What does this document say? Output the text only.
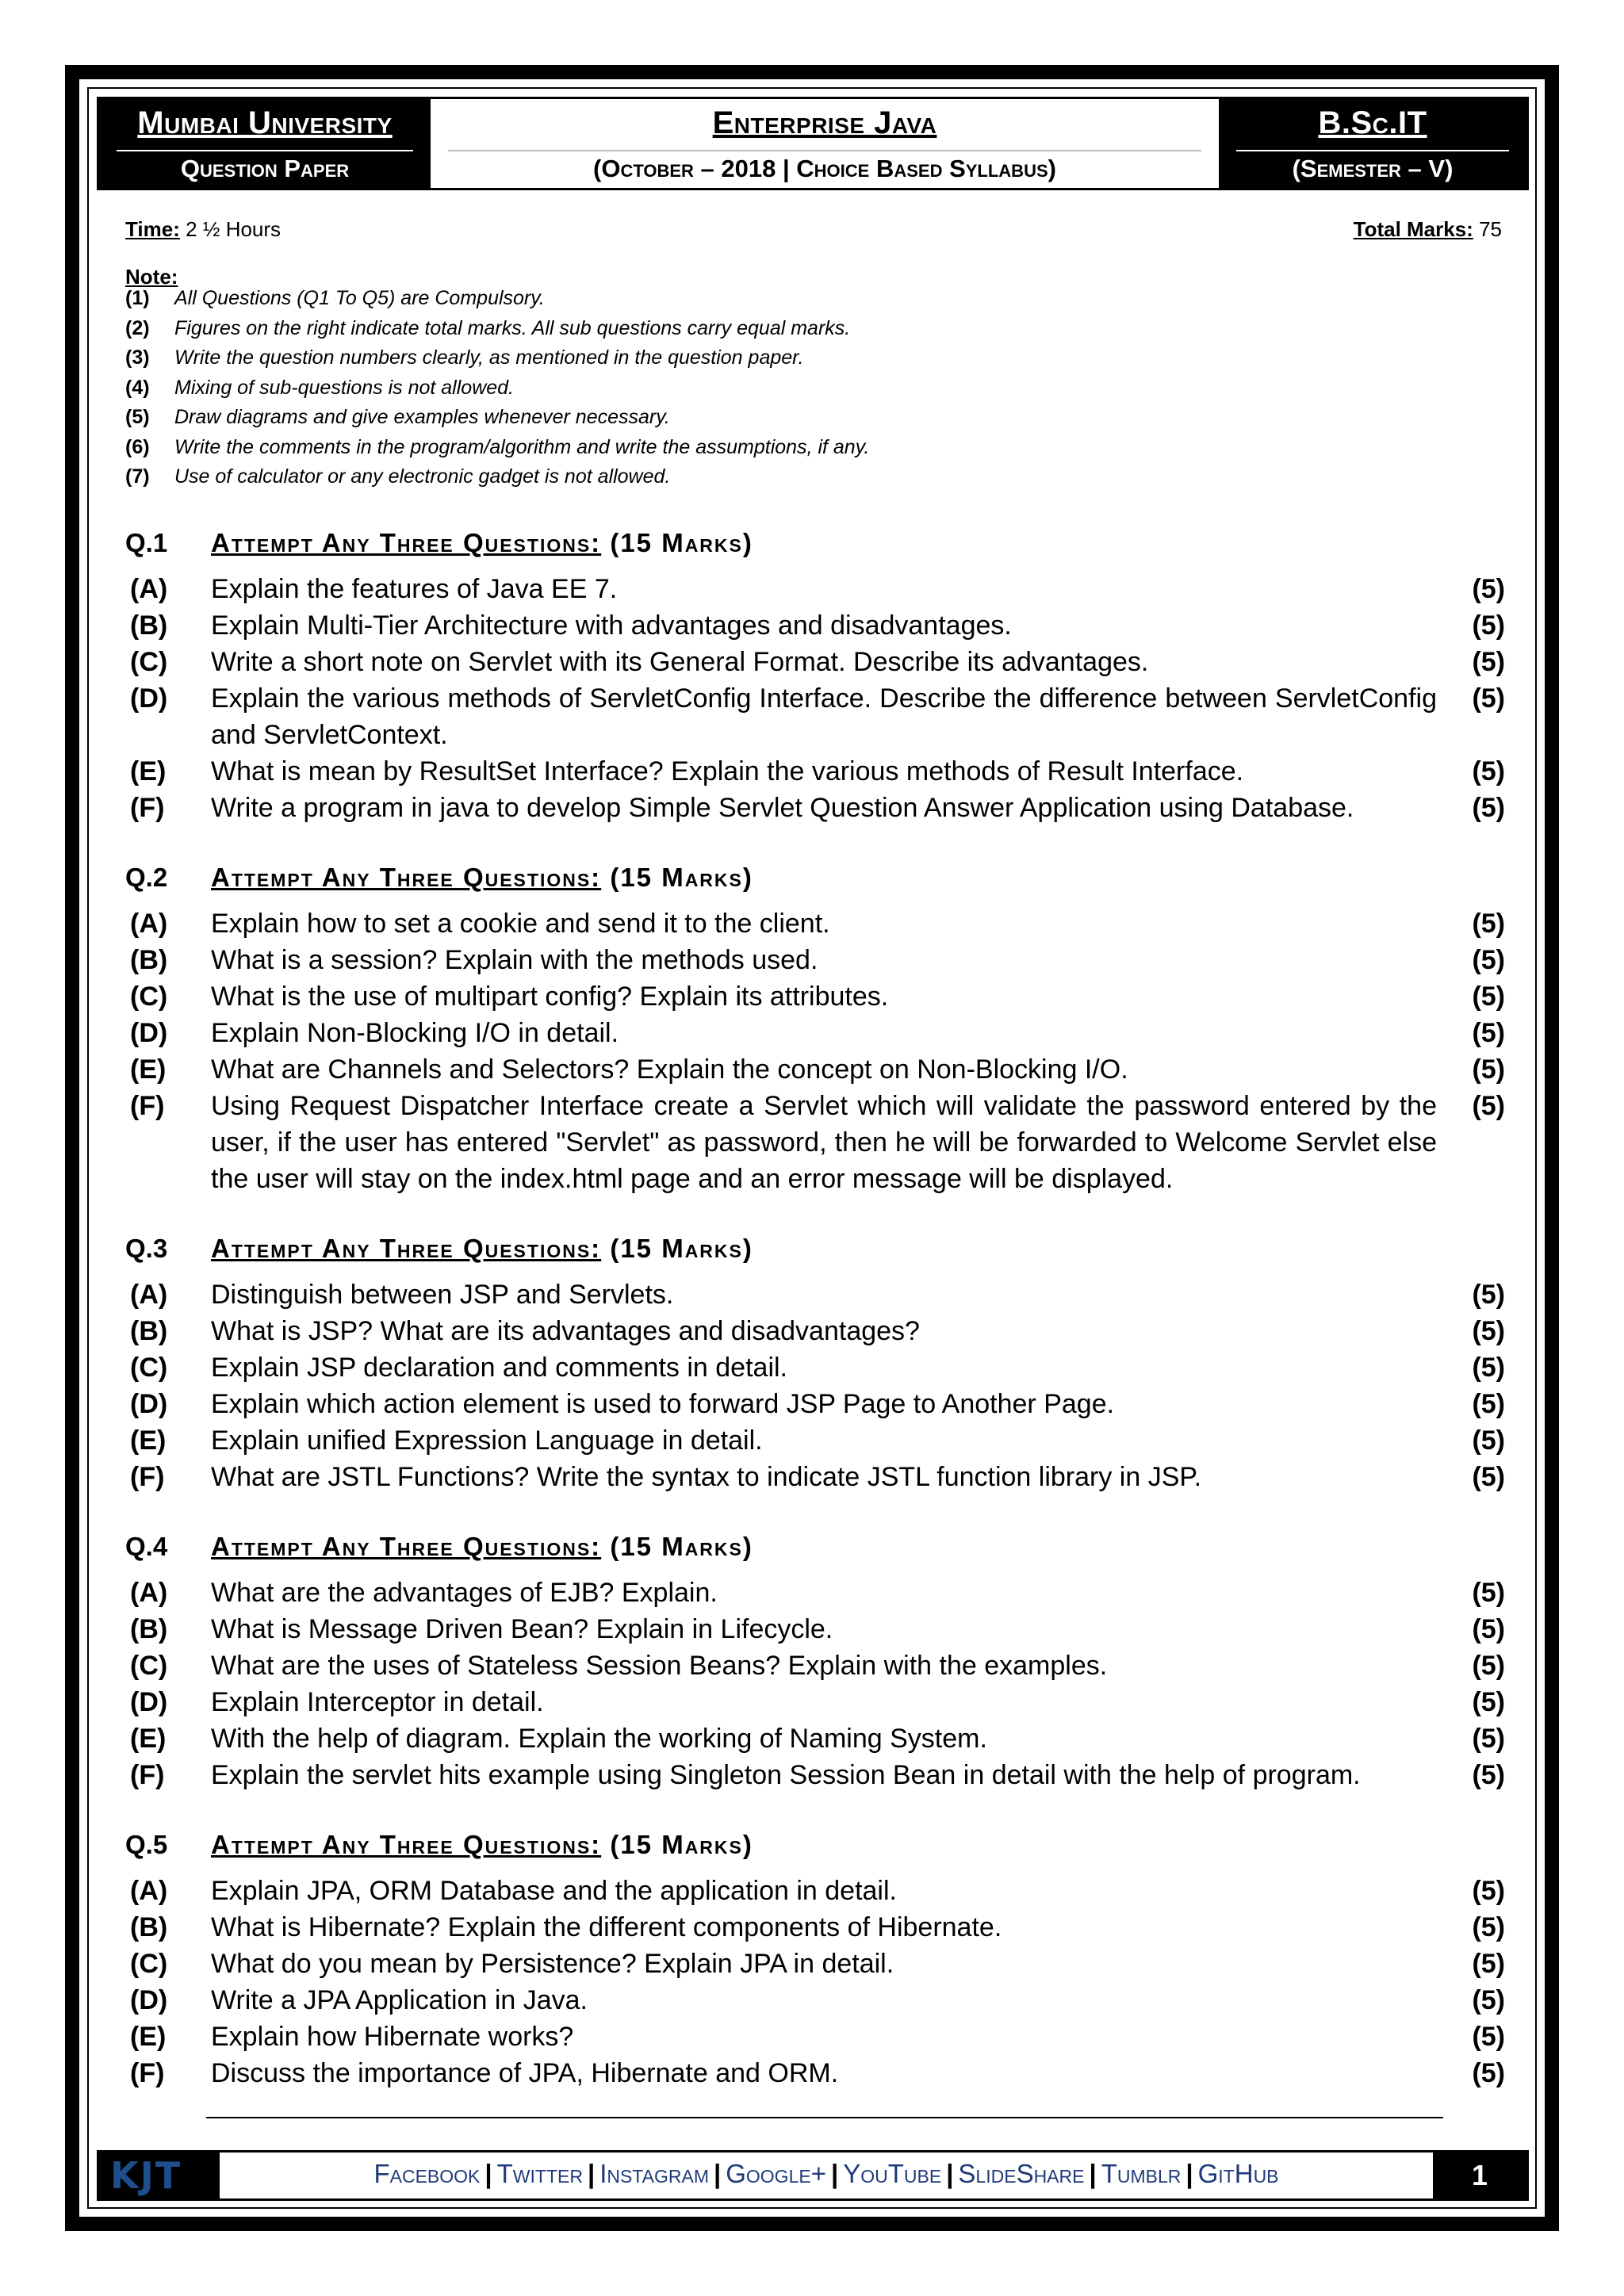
Mumbai University
Question Paper
Enterprise Java
(October – 2018 | Choice Based Syllabus)
B.Sc.IT
(Semester – V)
Time: 2 ½ Hours	Total Marks: 75
Note:
(1) All Questions (Q1 To Q5) are Compulsory.
(2) Figures on the right indicate total marks. All sub questions carry equal marks.
(3) Write the question numbers clearly, as mentioned in the question paper.
(4) Mixing of sub-questions is not allowed.
(5) Draw diagrams and give examples whenever necessary.
(6) Write the comments in the program/algorithm and write the assumptions, if any.
(7) Use of calculator or any electronic gadget is not allowed.
Q.1 Attempt Any Three Questions: (15 Marks)
(A) Explain the features of Java EE 7.	(5)
(B) Explain Multi-Tier Architecture with advantages and disadvantages.	(5)
(C) Write a short note on Servlet with its General Format. Describe its advantages.	(5)
(D) Explain the various methods of ServletConfig Interface. Describe the difference between ServletConfig and ServletContext.
(5)
(E) What is mean by ResultSet Interface? Explain the various methods of Result Interface.	(5)
(F) Write a program in java to develop Simple Servlet Question Answer Application using Database.	(5)
Q.2 Attempt Any Three Questions: (15 Marks)
(A) Explain how to set a cookie and send it to the client.	(5)
(B) What is a session? Explain with the methods used.	(5)
(C) What is the use of multipart config? Explain its attributes.	(5)
(D) Explain Non-Blocking I/O in detail.	(5)
(E) What are Channels and Selectors? Explain the concept on Non-Blocking I/O.	(5)
(F) Using Request Dispatcher Interface create a Servlet which will validate the password entered by the user, if the user has entered "Servlet" as password, then he will be forwarded to Welcome Servlet else the user will stay on the index.html page and an error message will be displayed.
(5)
Q.3 Attempt Any Three Questions: (15 Marks)
(A) Distinguish between JSP and Servlets.	(5)
(B) What is JSP? What are its advantages and disadvantages?	(5)
(C) Explain JSP declaration and comments in detail.	(5)
(D) Explain which action element is used to forward JSP Page to Another Page.	(5)
(E) Explain unified Expression Language in detail.	(5)
(F) What are JSTL Functions? Write the syntax to indicate JSTL function library in JSP.	(5)
Q.4 Attempt Any Three Questions: (15 Marks)
(A) What are the advantages of EJB? Explain.	(5)
(B) What is Message Driven Bean? Explain in Lifecycle.	(5)
(C) What are the uses of Stateless Session Beans? Explain with the examples.	(5)
(D) Explain Interceptor in detail.	(5)
(E) With the help of diagram. Explain the working of Naming System.	(5)
(F) Explain the servlet hits example using Singleton Session Bean in detail with the help of program.	(5)
Q.5 Attempt Any Three Questions: (15 Marks)
(A) Explain JPA, ORM Database and the application in detail.	(5)
(B) What is Hibernate? Explain the different components of Hibernate.	(5)
(C) What do you mean by Persistence? Explain JPA in detail.	(5)
(D) Write a JPA Application in Java.	(5)
(E) Explain how Hibernate works?	(5)
(F) Discuss the importance of JPA, Hibernate and ORM.	(5)
KJT	Facebook | Twitter | Instagram | Google+ | YouTube | SlideShare | Tumblr | GitHub	1
